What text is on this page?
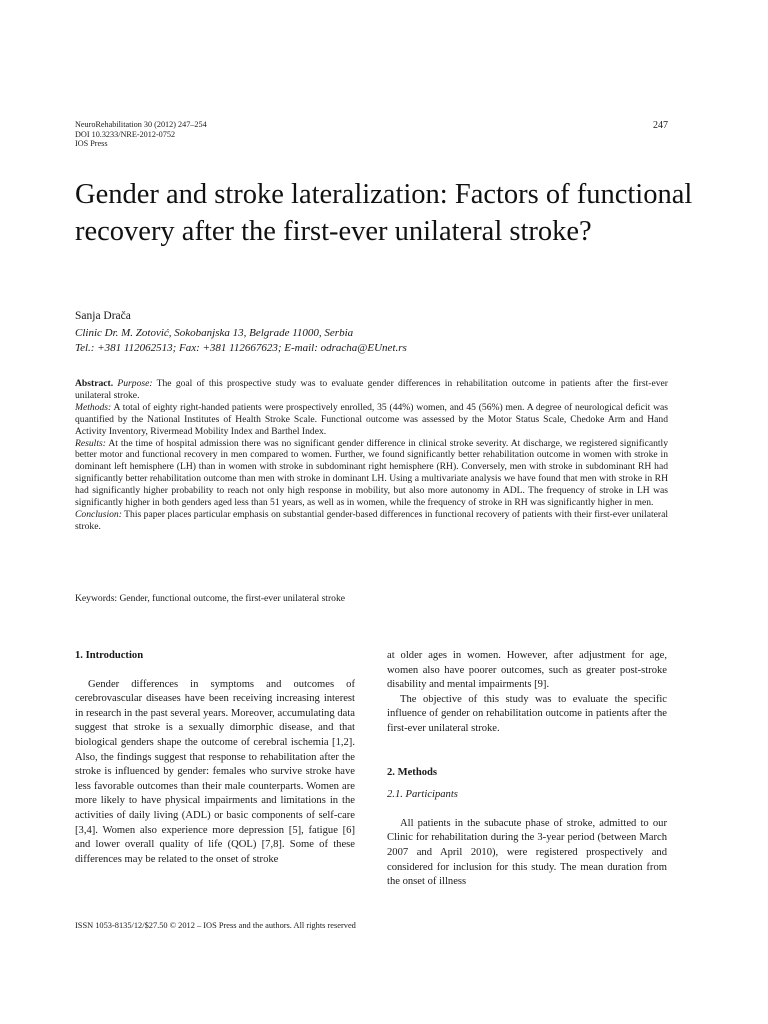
NeuroRehabilitation 30 (2012) 247–254
DOI 10.3233/NRE-2012-0752
IOS Press
247
Gender and stroke lateralization: Factors of functional recovery after the first-ever unilateral stroke?
Sanja Drača
Clinic Dr. M. Zotović, Sokobanjska 13, Belgrade 11000, Serbia
Tel.: +381 112062513; Fax: +381 112667623; E-mail: odracha@EUnet.rs

Abstract. Purpose: The goal of this prospective study was to evaluate gender differences in rehabilitation outcome in patients after the first-ever unilateral stroke.

Methods: A total of eighty right-handed patients were prospectively enrolled, 35 (44%) women, and 45 (56%) men. A degree of neurological deficit was quantified by the National Institutes of Health Stroke Scale. Functional outcome was assessed by the Motor Status Scale, Chedoke Arm and Hand Activity Inventory, Rivermead Mobility Index and Barthel Index.

Results: At the time of hospital admission there was no significant gender difference in clinical stroke severity. At discharge, we registered significantly better motor and functional recovery in men compared to women. Further, we found significantly better rehabilitation outcome in women with stroke in dominant left hemisphere (LH) than in women with stroke in subdominant right hemisphere (RH). Conversely, men with stroke in subdominant RH had significantly better rehabilitation outcome than men with stroke in dominant LH. Using a multivariate analysis we have found that men with stroke in RH had significantly higher probability to reach not only high response in mobility, but also more autonomy in ADL. The frequency of stroke in LH was significantly higher in both genders aged less than 51 years, as well as in women, while the frequency of stroke in RH was significantly higher in men.

Conclusion: This paper places particular emphasis on substantial gender-based differences in functional recovery of patients with their first-ever unilateral stroke.

Keywords: Gender, functional outcome, the first-ever unilateral stroke
1. Introduction

Gender differences in symptoms and outcomes of cerebrovascular diseases have been receiving increasing interest in research in the past several years. Moreover, accumulating data suggest that stroke is a sexually dimorphic disease, and that biological genders shape the outcome of cerebral ischemia [1,2]. Also, the findings suggest that response to rehabilitation after the stroke is influenced by gender: females who survive stroke have less favorable outcomes than their male counterparts. Women are more likely to have physical impairments and limitations in the activities of daily living (ADL) or basic components of self-care [3,4]. Women also experience more depression [5], fatigue [6] and lower overall quality of life (QOL) [7,8]. Some of these differences may be related to the onset of stroke

at older ages in women. However, after adjustment for age, women also have poorer outcomes, such as greater post-stroke disability and mental impairments [9].

The objective of this study was to evaluate the specific influence of gender on rehabilitation outcome in patients after the first-ever unilateral stroke.

2. Methods
2.1. Participants

All patients in the subacute phase of stroke, admitted to our Clinic for rehabilitation during the 3-year period (between March 2007 and April 2010), were registered prospectively and considered for inclusion for this study. The mean duration from the onset of illness

ISSN 1053-8135/12/$27.50 © 2012 – IOS Press and the authors. All rights reserved
